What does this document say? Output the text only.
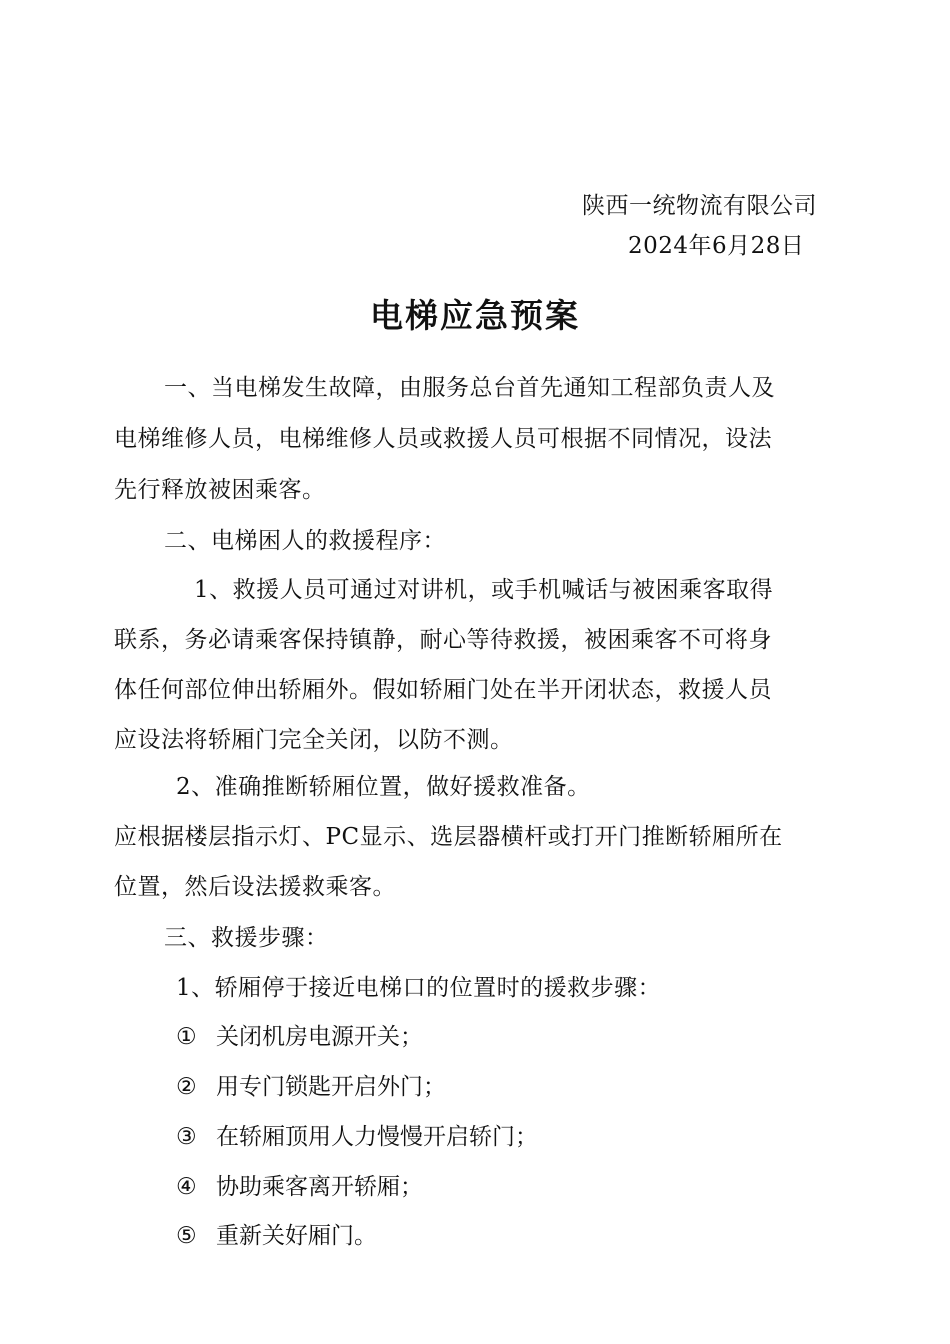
陕西一统物流有限公司
2024年6月28日
电梯应急预案
一、当电梯发生故障，由服务总台首先通知工程部负责人及
电梯维修人员，电梯维修人员或救援人员可根据不同情况，设法
先行释放被困乘客。
二、电梯困人的救援程序：
1、救援人员可通过对讲机，或手机喊话与被困乘客取得
联系，务必请乘客保持镇静，耐心等待救援，被困乘客不可将身
体任何部位伸出轿厢外。假如轿厢门处在半开闭状态，救援人员
应设法将轿厢门完全关闭，以防不测。
2、准确推断轿厢位置，做好援救准备。
应根据楼层指示灯、PC显示、选层器横杆或打开门推断轿厢所在
位置，然后设法援救乘客。
三、救援步骤：
1、轿厢停于接近电梯口的位置时的援救步骤：
① 关闭机房电源开关；
② 用专门锁匙开启外门；
③ 在轿厢顶用人力慢慢开启轿门；
④ 协助乘客离开轿厢；
⑤ 重新关好厢门。
